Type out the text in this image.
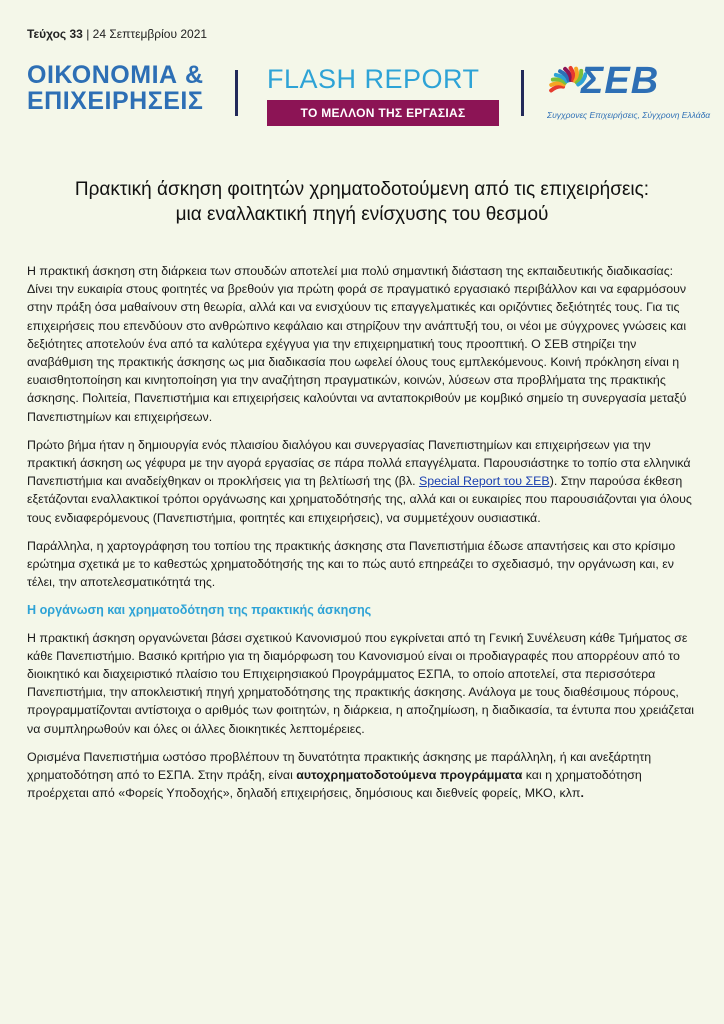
Τεύχος 33 | 24 Σεπτεμβρίου 2021
ΟΙΚΟΝΟΜΙΑ &
ΕΠΙΧΕΙΡΗΣΕΙΣ
FLASH REPORT
ΤΟ ΜΕΛΛΟΝ ΤΗΣ ΕΡΓΑΣΙΑΣ
ΣΕΒ
Συγχρονες Επιχειρήσεις, Σύγχρονη Ελλάδα
Πρακτική άσκηση φοιτητών χρηματοδοτούμενη από τις επιχειρήσεις:
μια εναλλακτική πηγή ενίσχυσης του θεσμού

Η πρακτική άσκηση στη διάρκεια των σπουδών αποτελεί μια πολύ σημαντική διάσταση της εκπαιδευτικής διαδικασίας: Δίνει την ευκαιρία στους φοιτητές να βρεθούν για πρώτη φορά σε πραγματικό εργασιακό περιβάλλον και να εφαρμόσουν στην πράξη όσα μαθαίνουν στη θεωρία, αλλά και να ενισχύουν τις επαγγελματικές και οριζόντιες δεξιότητές τους. Για τις επιχειρήσεις που επενδύουν στο ανθρώπινο κεφάλαιο και στηρίζουν την ανάπτυξή του, οι νέοι με σύγχρονες γνώσεις και δεξιότητες αποτελούν ένα από τα καλύτερα εχέγγυα για την επιχειρηματική τους προοπτική. Ο ΣΕΒ στηρίζει την αναβάθμιση της πρακτικής άσκησης ως μια διαδικασία που ωφελεί όλους τους εμπλεκόμενους. Κοινή πρόκληση είναι η ευαισθητοποίηση και κινητοποίηση για την αναζήτηση πραγματικών, κοινών, λύσεων στα προβλήματα της πρακτικής άσκησης. Πολιτεία, Πανεπιστήμια και επιχειρήσεις καλούνται να ανταποκριθούν με κομβικό σημείο τη συνεργασία μεταξύ Πανεπιστημίων και επιχειρήσεων.

Πρώτο βήμα ήταν η δημιουργία ενός πλαισίου διαλόγου και συνεργασίας Πανεπιστημίων και επιχειρήσεων για την πρακτική άσκηση ως γέφυρα με την αγορά εργασίας σε πάρα πολλά επαγγέλματα. Παρουσιάστηκε το τοπίο στα ελληνικά Πανεπιστήμια και αναδείχθηκαν οι προκλήσεις για τη βελτίωσή της (βλ. Special Report του ΣΕΒ). Στην παρούσα έκθεση εξετάζονται εναλλακτικοί τρόποι οργάνωσης και χρηματοδότησής της, αλλά και οι ευκαιρίες που παρουσιάζονται για όλους τους ενδιαφερόμενους (Πανεπιστήμια, φοιτητές και επιχειρήσεις), να συμμετέχουν ουσιαστικά.

Παράλληλα, η χαρτογράφηση του τοπίου της πρακτικής άσκησης στα Πανεπιστήμια έδωσε απαντήσεις και στο κρίσιμο ερώτημα σχετικά με το καθεστώς χρηματοδότησής της και το πώς αυτό επηρεάζει το σχεδιασμό, την οργάνωση και, εν τέλει, την αποτελεσματικότητά της.

Η οργάνωση και χρηματοδότηση της πρακτικής άσκησης

Η πρακτική άσκηση οργανώνεται βάσει σχετικού Κανονισμού που εγκρίνεται από τη Γενική Συνέλευση κάθε Τμήματος σε κάθε Πανεπιστήμιο. Βασικό κριτήριο για τη διαμόρφωση του Κανονισμού είναι οι προδιαγραφές που απορρέουν από το διοικητικό και διαχειριστικό πλαίσιο του Επιχειρησιακού Προγράμματος ΕΣΠΑ, το οποίο αποτελεί, στα περισσότερα Πανεπιστήμια, την αποκλειστική πηγή χρηματοδότησης της πρακτικής άσκησης. Ανάλογα με τους διαθέσιμους πόρους, προγραμματίζονται αντίστοιχα ο αριθμός των φοιτητών, η διάρκεια, η αποζημίωση, η διαδικασία, τα έντυπα που χρειάζεται να συμπληρωθούν και όλες οι άλλες διοικητικές λεπτομέρειες.

Ορισμένα Πανεπιστήμια ωστόσο προβλέπουν τη δυνατότητα πρακτικής άσκησης με παράλληλη, ή και ανεξάρτητη χρηματοδότηση από το ΕΣΠΑ. Στην πράξη, είναι αυτοχρηματοδοτούμενα προγράμματα και η χρηματοδότηση προέρχεται από «Φορείς Υποδοχής», δηλαδή επιχειρήσεις, δημόσιους και διεθνείς φορείς, ΜΚΟ, κλπ.
